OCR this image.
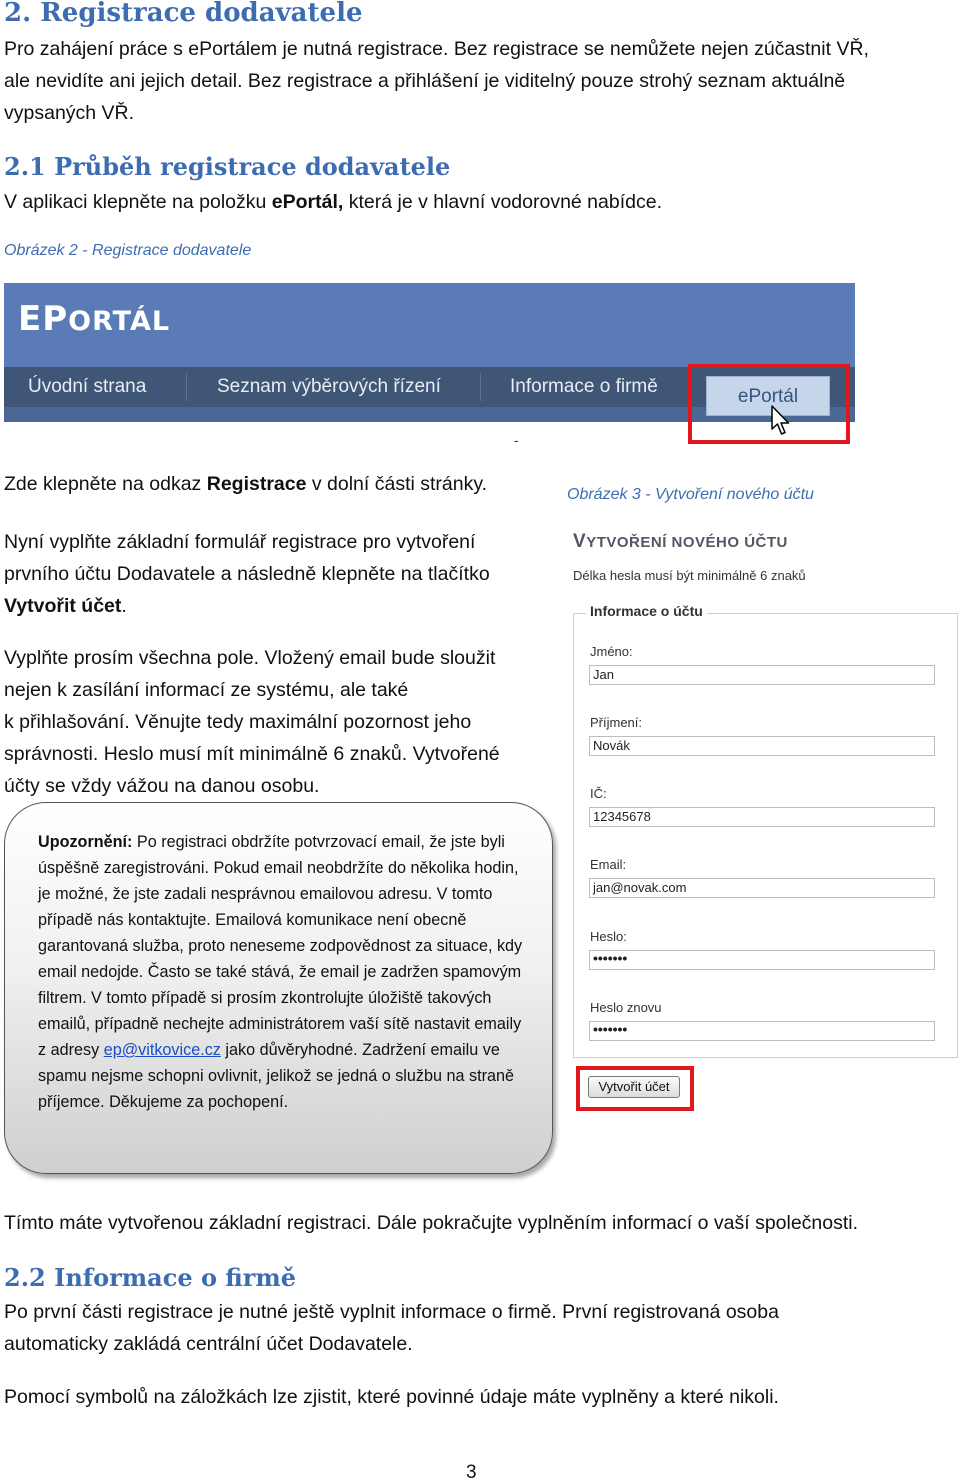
2. Registrace dodavatele
Pro zahájení práce s ePortálem je nutná registrace. Bez registrace se nemůžete nejen zúčastnit VŘ,
ale nevidíte ani jejich detail. Bez registrace a přihlášení je viditelný pouze strohý seznam aktuálně
vypsaných VŘ.
2.1 Průběh registrace dodavatele
V aplikaci klepněte na položku ePortál, která je v hlavní vodorovné nabídce.
Obrázek 2 - Registrace dodavatele
EPORTÁL
Úvodní strana	Seznam výběrových řízení	Informace o firmě	ePortál
-
Zde klepněte na odkaz Registrace v dolní části stránky.
Nyní vyplňte základní formulář registrace pro vytvoření
prvního účtu Dodavatele a následně klepněte na tlačítko
Vytvořit účet.
Vyplňte prosím všechna pole. Vložený email bude sloužit
nejen k zasílání informací ze systému, ale také
k přihlašování. Věnujte tedy maximální pozornost jeho
správnosti. Heslo musí mít minimálně 6 znaků. Vytvořené
účty se vždy vážou na danou osobu.
Upozornění: Po registraci obdržíte potvrzovací email, že jste byli úspěšně zaregistrováni. Pokud email neobdržíte do několika hodin, je možné, že jste zadali nesprávnou emailovou adresu. V tomto případě nás kontaktujte. Emailová komunikace není obecně garantovaná služba, proto neneseme zodpovědnost za situace, kdy email nedojde. Často se také stává, že email je zadržen spamovým filtrem. V tomto případě si prosím zkontrolujte úložiště takových emailů, případně nechejte administrátorem vaší sítě nastavit emaily z adresy ep@vitkovice.cz jako důvěryhodné. Zadržení emailu ve spamu nejsme schopni ovlivnit, jelikož se jedná o službu na straně příjemce. Děkujeme za pochopení.
Obrázek 3 - Vytvoření nového účtu
VYTVOŘENÍ NOVÉHO ÚČTU
Délka hesla musí být minimálně 6 znaků
Informace o účtu
Jméno:
Jan
Příjmení:
Novák
IČ:
12345678
Email:
jan@novak.com
Heslo:
•••••••
Heslo znovu
•••••••
Vytvořit účet
Tímto máte vytvořenou základní registraci. Dále pokračujte vyplněním informací o vaší společnosti.
2.2 Informace o firmě
Po první části registrace je nutné ještě vyplnit informace o firmě. První registrovaná osoba
automaticky zakládá centrální účet Dodavatele.
Pomocí symbolů na záložkách lze zjistit, které povinné údaje máte vyplněny a které nikoli.
3
